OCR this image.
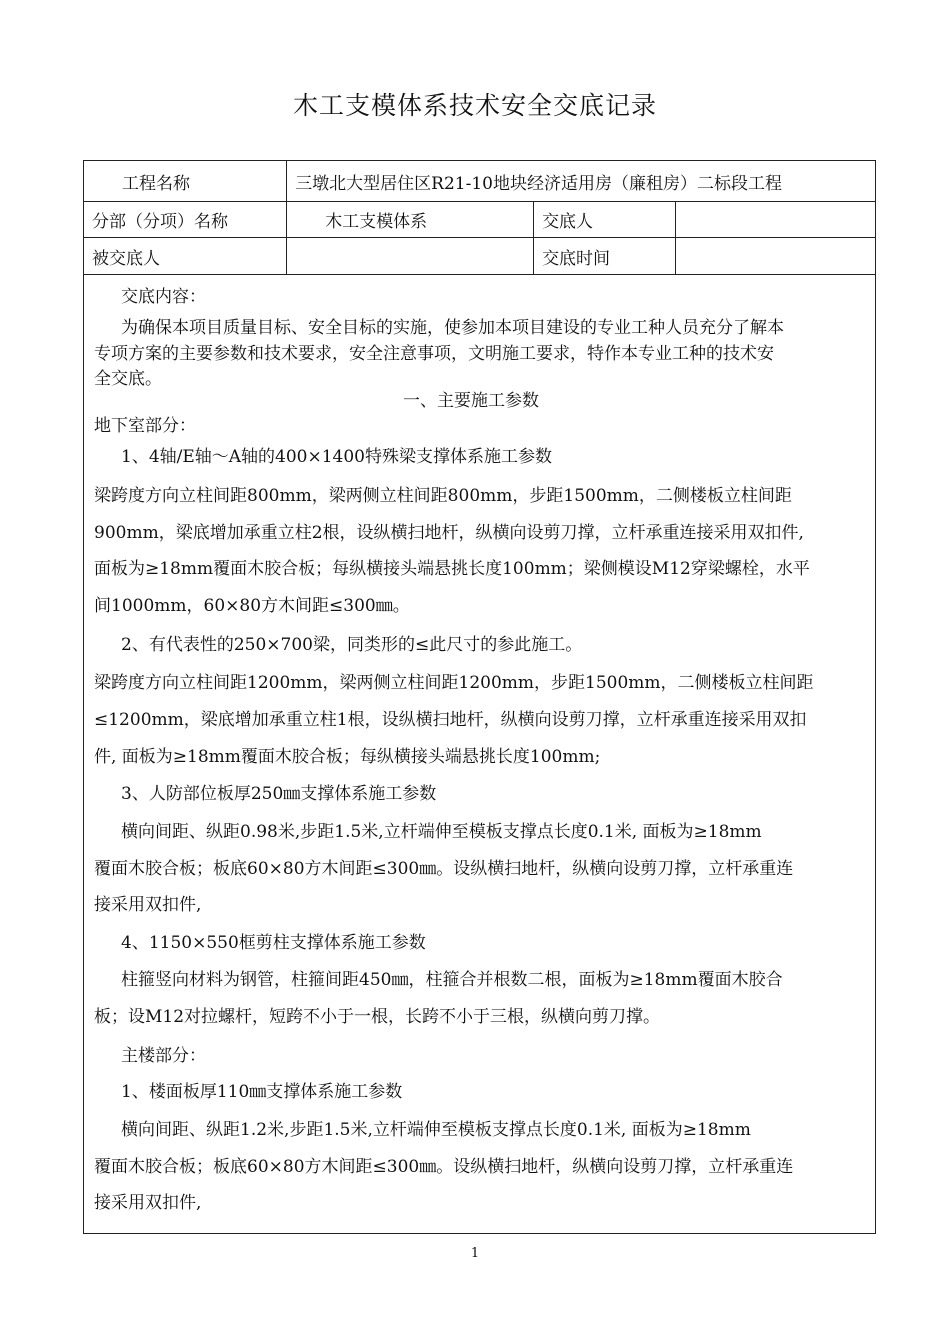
木工支模体系技术安全交底记录
工程名称	三墩北大型居住区R21-10地块经济适用房（廉租房）二标段工程		
分部（分项）名称	木工支模体系	交底人	
被交底人		交底时间	

交底内容：

为确保本项目质量目标、安全目标的实施，使参加本项目建设的专业工种人员充分了解本

专项方案的主要参数和技术要求，安全注意事项，文明施工要求，特作本专业工种的技术安

全交底。

一、主要施工参数

地下室部分：

1、4轴/E轴～A轴的400×1400特殊梁支撑体系施工参数

梁跨度方向立柱间距800mm，梁两侧立柱间距800mm，步距1500mm，二侧楼板立柱间距

900mm，梁底增加承重立柱2根，设纵横扫地杆，纵横向设剪刀撑，立杆承重连接采用双扣件,

面板为≥18mm覆面木胶合板；每纵横接头端悬挑长度100mm；梁侧模设M12穿梁螺栓，水平

间1000mm，60×80方木间距≤300㎜。

2、有代表性的250×700梁，同类形的≤此尺寸的参此施工。

梁跨度方向立柱间距1200mm，梁两侧立柱间距1200mm，步距1500mm，二侧楼板立柱间距

≤1200mm，梁底增加承重立柱1根，设纵横扫地杆，纵横向设剪刀撑，立杆承重连接采用双扣

件, 面板为≥18mm覆面木胶合板；每纵横接头端悬挑长度100mm;

3、人防部位板厚250㎜支撑体系施工参数

横向间距、纵距0.98米,步距1.5米,立杆端伸至模板支撑点长度0.1米, 面板为≥18mm

覆面木胶合板；板底60×80方木间距≤300㎜。设纵横扫地杆，纵横向设剪刀撑，立杆承重连

接采用双扣件,

4、1150×550框剪柱支撑体系施工参数

柱箍竖向材料为钢管，柱箍间距450㎜，柱箍合并根数二根，面板为≥18mm覆面木胶合

板；设M12对拉螺杆，短跨不小于一根，长跨不小于三根，纵横向剪刀撑。

主楼部分：

1、楼面板厚110㎜支撑体系施工参数

横向间距、纵距1.2米,步距1.5米,立杆端伸至模板支撑点长度0.1米, 面板为≥18mm

覆面木胶合板；板底60×80方木间距≤300㎜。设纵横扫地杆，纵横向设剪刀撑，立杆承重连

接采用双扣件,

1
